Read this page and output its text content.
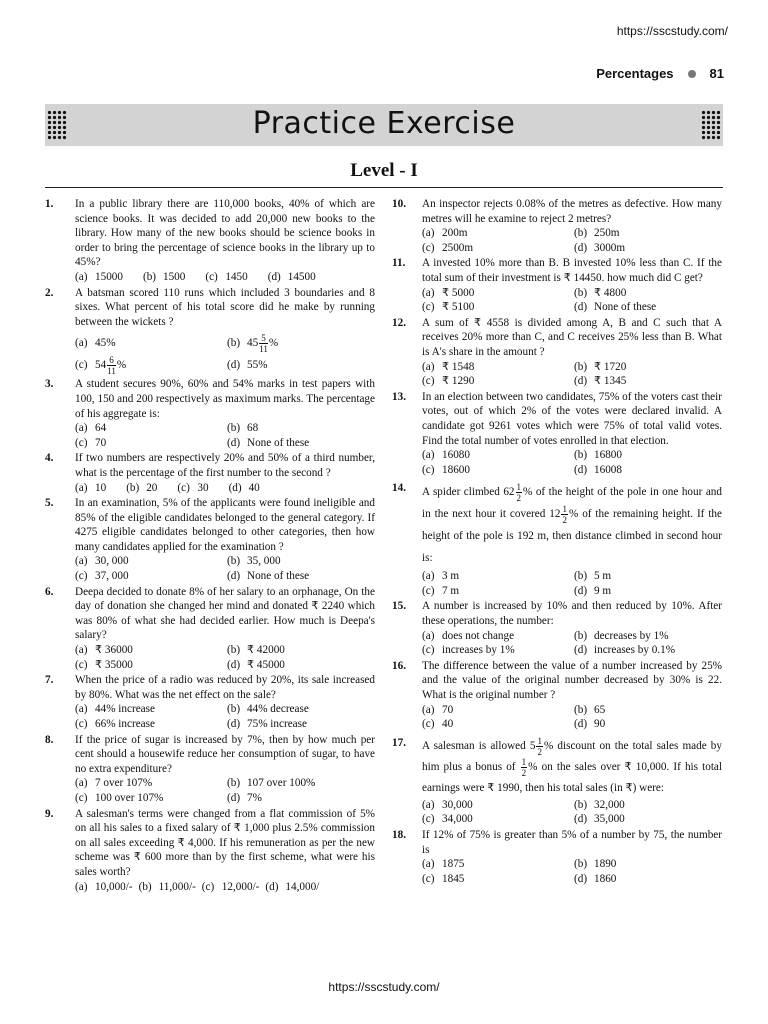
https://sscstudy.com/
Percentages	81
Practice Exercise
Level - I
1. In a public library there are 110,000 books, 40% of which are science books. It was decided to add 20,000 new books to the library. How many of the new books should be science books in order to bring the percentage of science books in the library up to 45%?
(a) 15000 (b) 1500 (c) 1450 (d) 14500
2. A batsman scored 110 runs which included 3 boundaries and 8 sixes. What percent of his total score did he make by running between the wickets ?
(a) 45%	(b) $45 \frac{5}{11}$ %
(c) $54 \frac{6}{11}$ %	(d) 55%
3. A student secures 90%, 60% and 54% marks in test papers with 100, 150 and 200 respectively as maximum marks. The percentage of his aggregate is:
(a) 64	(b) 68
(c) 70	(d) None of these
4. If two numbers are respectively 20% and 50% of a third number, what is the percentage of the first number to the second ?
(a) 10 (b) 20 (c) 30 (d) 40
5. In an examination, 5% of the applicants were found ineligible and 85% of the eligible candidates belonged to the general category. If 4275 eligible candidates belonged to other categories, then how many candidates applied for the examination ?
(a) 30, 000	(b) 35, 000
(c) 37, 000	(d) None of these
6. Deepa decided to donate 8% of her salary to an orphanage, On the day of donation she changed her mind and donated ₹ 2240 which was 80% of what she had decided earlier. How much is Deepa's salary?
(a) ₹ 36000	(b) ₹ 42000
(c) ₹ 35000	(d) ₹ 45000
7. When the price of a radio was reduced by 20%, its sale increased by 80%. What was the net effect on the sale?
(a) 44% increase	(b) 44% decrease
(c) 66% increase	(d) 75% increase
8. If the price of sugar is increased by 7%, then by how much per cent should a housewife reduce her consumption of sugar, to have no extra expenditure?
(a) 7 over 107%	(b) 107 over 100%
(c) 100 over 107%	(d) 7%
9. A salesman's terms were changed from a flat commission of 5% on all his sales to a fixed salary of ₹ 1,000 plus 2.5% commission on all sales exceeding ₹ 4,000. If his remuneration as per the new scheme was ₹ 600 more than by the first scheme, what were his sales worth?
(a) 10,000/- (b) 11,000/- (c) 12,000/- (d) 14,000/
10. An inspector rejects 0.08% of the metres as defective. How many metres will he examine to reject 2 metres?
(a) 200m	(b) 250m
(c) 2500m	(d) 3000m
11. A invested 10% more than B. B invested 10% less than C. If the total sum of their investment is ₹ 14450. how much did C get?
(a) ₹ 5000	(b) ₹ 4800
(c) ₹ 5100	(d) None of these
12. A sum of ₹ 4558 is divided among A, B and C such that A receives 20% more than C, and C receives 25% less than B. What is A's share in the amount ?
(a) ₹ 1548	(b) ₹ 1720
(c) ₹ 1290	(d) ₹ 1345
13. In an election between two candidates, 75% of the voters cast their votes, out of which 2% of the votes were declared invalid. A candidate got 9261 votes which were 75% of total valid votes. Find the total number of votes enrolled in that election.
(a) 16080	(b) 16800
(c) 18600	(d) 16008
14. A spider climbed $62 \frac{1}{2}$ % of the height of the pole in one hour and in the next hour it covered $12 \frac{1}{2}$ % of the remaining height. If the height of the pole is 192 m, then distance climbed in second hour is:
(a) 3 m	(b) 5 m
(c) 7 m	(d) 9 m
15. A number is increased by 10% and then reduced by 10%. After these operations, the number:
(a) does not change	(b) decreases by 1%
(c) increases by 1%	(d) increases by 0.1%
16. The difference between the value of a number increased by 25% and the value of the original number decreased by 30% is 22. What is the original number ?
(a) 70	(b) 65
(c) 40	(d) 90
17. A salesman is allowed $5 \frac{1}{2}$ % discount on the total sales made by him plus a bonus of $\frac{1}{2}$ % on the sales over ₹ 10,000. If his total earnings were ₹ 1990, then his total sales (in ₹) were:
(a) 30,000	(b) 32,000
(c) 34,000	(d) 35,000
18. If 12% of 75% is greater than 5% of a number by 75, the number is
(a) 1875	(b) 1890
(c) 1845	(d) 1860
https://sscstudy.com/
